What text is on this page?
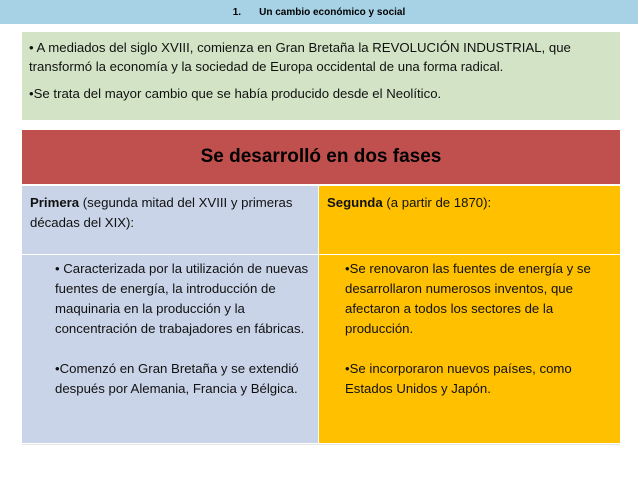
1. Un cambio económico y social

• A mediados del siglo XVIII, comienza en Gran Bretaña la REVOLUCIÓN INDUSTRIAL, que transformó la economía y la sociedad de Europa occidental de una forma radical.

•Se trata del mayor cambio que se había producido desde el Neolítico.

Se desarrolló en dos fases
Primera (segunda mitad del XVIII y primeras décadas del XIX):
Segunda (a partir de 1870):

• Caracterizada por la utilización de nuevas fuentes de energía, la introducción de maquinaria en la producción y la concentración de trabajadores en fábricas.

•Comenzó en Gran Bretaña y se extendió después por Alemania, Francia y Bélgica.

•Se renovaron las fuentes de energía y se desarrollaron numerosos inventos, que afectaron a todos los sectores de la producción.

•Se incorporaron nuevos países, como Estados Unidos y Japón.
